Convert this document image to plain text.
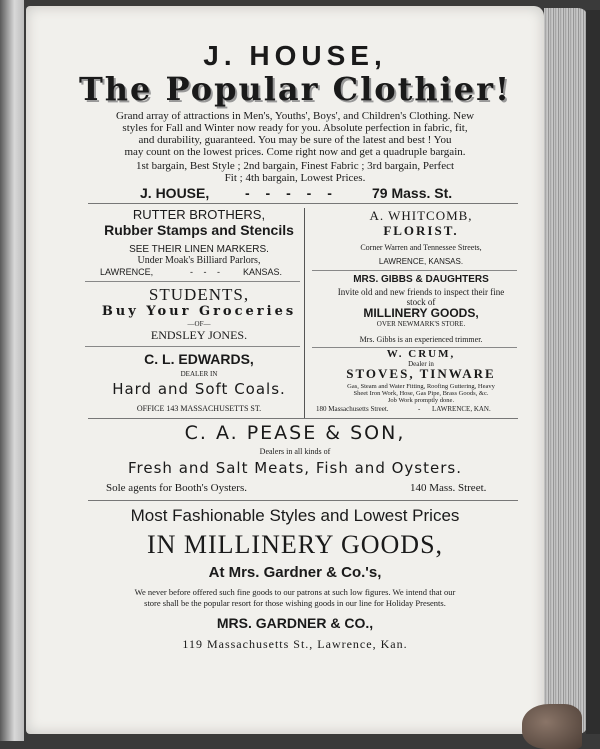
J. HOUSE,
The Popular Clothier!
Grand array of attractions in Men's, Youths', Boys', and Children's Clothing. New
styles for Fall and Winter now ready for you. Absolute perfection in fabric, fit,
and durability, guaranteed. You may be sure of the latest and best ! You
may count on the lowest prices. Come right now and get a quadruple bargain.
1st bargain, Best Style ; 2nd bargain, Finest Fabric ; 3rd bargain, Perfect
Fit ; 4th bargain, Lowest Prices.
J. HOUSE,	- - - - - 79 Mass. St.
RUTTER BROTHERS,
Rubber Stamps and Stencils
SEE THEIR LINEN MARKERS.
Under Moak's Billiard Parlors,
LAWRENCE,	- - - KANSAS.
STUDENTS,
Buy Your Groceries
—OF—
ENDSLEY JONES.
C. L. EDWARDS,
DEALER IN
Hard and Soft Coals.
OFFICE 143 MASSACHUSETTS ST.
A. WHITCOMB,
FLORIST.
Corner Warren and Tennessee Streets,
LAWRENCE, KANSAS.
MRS. GIBBS & DAUGHTERS
Invite old and new friends to inspect their fine
stock of
MILLINERY GOODS,
OVER NEWMARK'S STORE.
Mrs. Gibbs is an experienced trimmer.
W. CRUM,
Dealer in
STOVES, TINWARE
Gas, Steam and Water Fitting, Roofing Guttering, Heavy
Sheet Iron Work, Hose, Gas Pipe, Brass Goods, &c.
Job Work promptly done.
180 Massachusetts Street.	- LAWRENCE, KAN.
C. A. PEASE & SON,
Dealers in all kinds of
Fresh and Salt Meats, Fish and Oysters.
Sole agents for Booth's Oysters.	140 Mass. Street.
Most Fashionable Styles and Lowest Prices
IN MILLINERY GOODS,
At Mrs. Gardner & Co.'s,
We never before offered such fine goods to our patrons at such low figures. We intend that our
store shall be the popular resort for those wishing goods in our line for Holiday Presents.
MRS. GARDNER & CO.,
119 Massachusetts St., Lawrence, Kan.
